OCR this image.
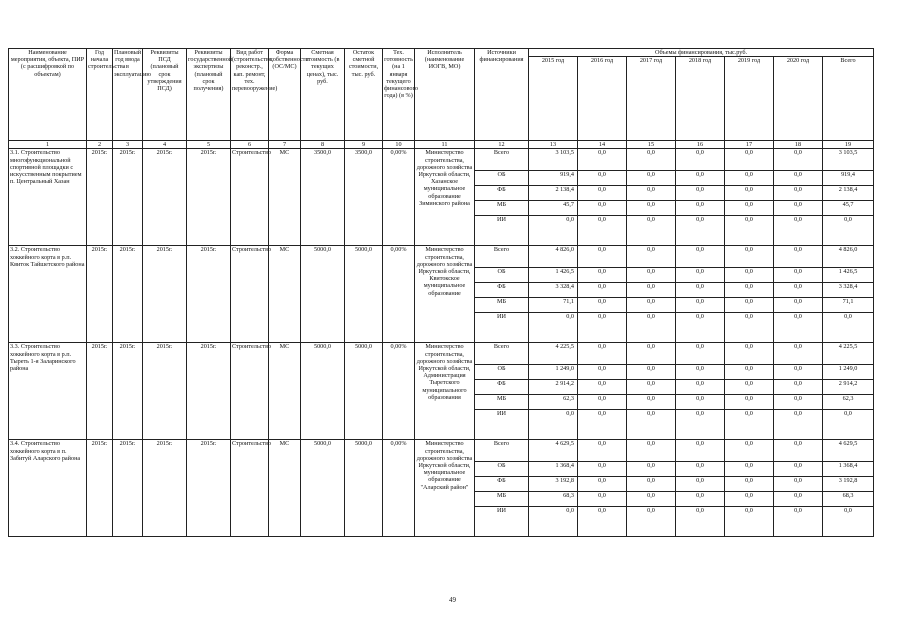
Наименование мероприятия, объекта, ПИР (с расшифровкой по объектам)	Год начала строительства	Плановый год ввода в эксплуатацию	Реквизиты ПСД (плановый срок утверждения ПСД)	Реквизиты государственной экспертизы (плановый срок получения)	Вид работ (строительство, реконстр., кап. ремонт, тех. перевооружение)	Форма собственности (ОС/МС)	Сметная стоимость (в текущих ценах), тыс. руб.	Остаток сметной стоимости, тыс. руб.	Тех. готовность (на 1 января текущего финансового года) (в %)	Исполнитель (наименование ИОГВ, МО)	Источники финансирования	Объемы финансирования, тыс.руб.						
												2015 год	2016 год	2017 год	2018 год	2019 год	2020 год	Всего
1	2	3	4	5	6	7	8	9	10	11	12	13	14	15	16	17	18	19
3.1. Строительство многофункциональной спортивной площадки с искусственным покрытием п. Центральный Хазан	2015г.	2015г.	2015г.	2015г.	Строительство	МС	3500,0	3500,0	0,00%	Министерство строительства, дорожного хозяйства Иркутской области, Хазанское муниципальное образование Зиминского района	Всего	3 103,5	0,0	0,0	0,0	0,0	0,0	3 103,5
											ОБ	919,4	0,0	0,0	0,0	0,0	0,0	919,4
											ФБ	2 138,4	0,0	0,0	0,0	0,0	0,0	2 138,4
											МБ	45,7	0,0	0,0	0,0	0,0	0,0	45,7
											ИИ	0,0	0,0	0,0	0,0	0,0	0,0	0,0
3.2. Строительство хоккейного корта в р.п. Квиток Тайшетского района	2015г.	2015г.	2015г.	2015г.	Строительство	МС	5000,0	5000,0	0,00%	Министерство строительства, дорожного хозяйства Иркутской области, Квитокское муниципальное образование	Всего	4 826,0	0,0	0,0	0,0	0,0	0,0	4 826,0
											ОБ	1 426,5	0,0	0,0	0,0	0,0	0,0	1 426,5
											ФБ	3 328,4	0,0	0,0	0,0	0,0	0,0	3 328,4
											МБ	71,1	0,0	0,0	0,0	0,0	0,0	71,1
											ИИ	0,0	0,0	0,0	0,0	0,0	0,0	0,0
3.3. Строительство хоккейного корта в р.п. Тыреть 1-я Заларинского района	2015г.	2015г.	2015г.	2015г.	Строительство	МС	5000,0	5000,0	0,00%	Министерство строительства, дорожного хозяйства Иркутской области, Администрация Тыретского муниципального образования	Всего	4 225,5	0,0	0,0	0,0	0,0	0,0	4 225,5
											ОБ	1 249,0	0,0	0,0	0,0	0,0	0,0	1 249,0
											ФБ	2 914,2	0,0	0,0	0,0	0,0	0,0	2 914,2
											МБ	62,3	0,0	0,0	0,0	0,0	0,0	62,3
											ИИ	0,0	0,0	0,0	0,0	0,0	0,0	0,0
3.4. Строительство хоккейного корта в п. Забитуй Аларского района	2015г.	2015г.	2015г.	2015г.	Строительство	МС	5000,0	5000,0	0,00%	Министерство строительства, дорожного хозяйства Иркутской области, муниципальное образование "Аларский район"	Всего	4 629,5	0,0	0,0	0,0	0,0	0,0	4 629,5
											ОБ	1 368,4	0,0	0,0	0,0	0,0	0,0	1 368,4
											ФБ	3 192,8	0,0	0,0	0,0	0,0	0,0	3 192,8
											МБ	68,3	0,0	0,0	0,0	0,0	0,0	68,3
											ИИ	0,0	0,0	0,0	0,0	0,0	0,0	0,0
49
